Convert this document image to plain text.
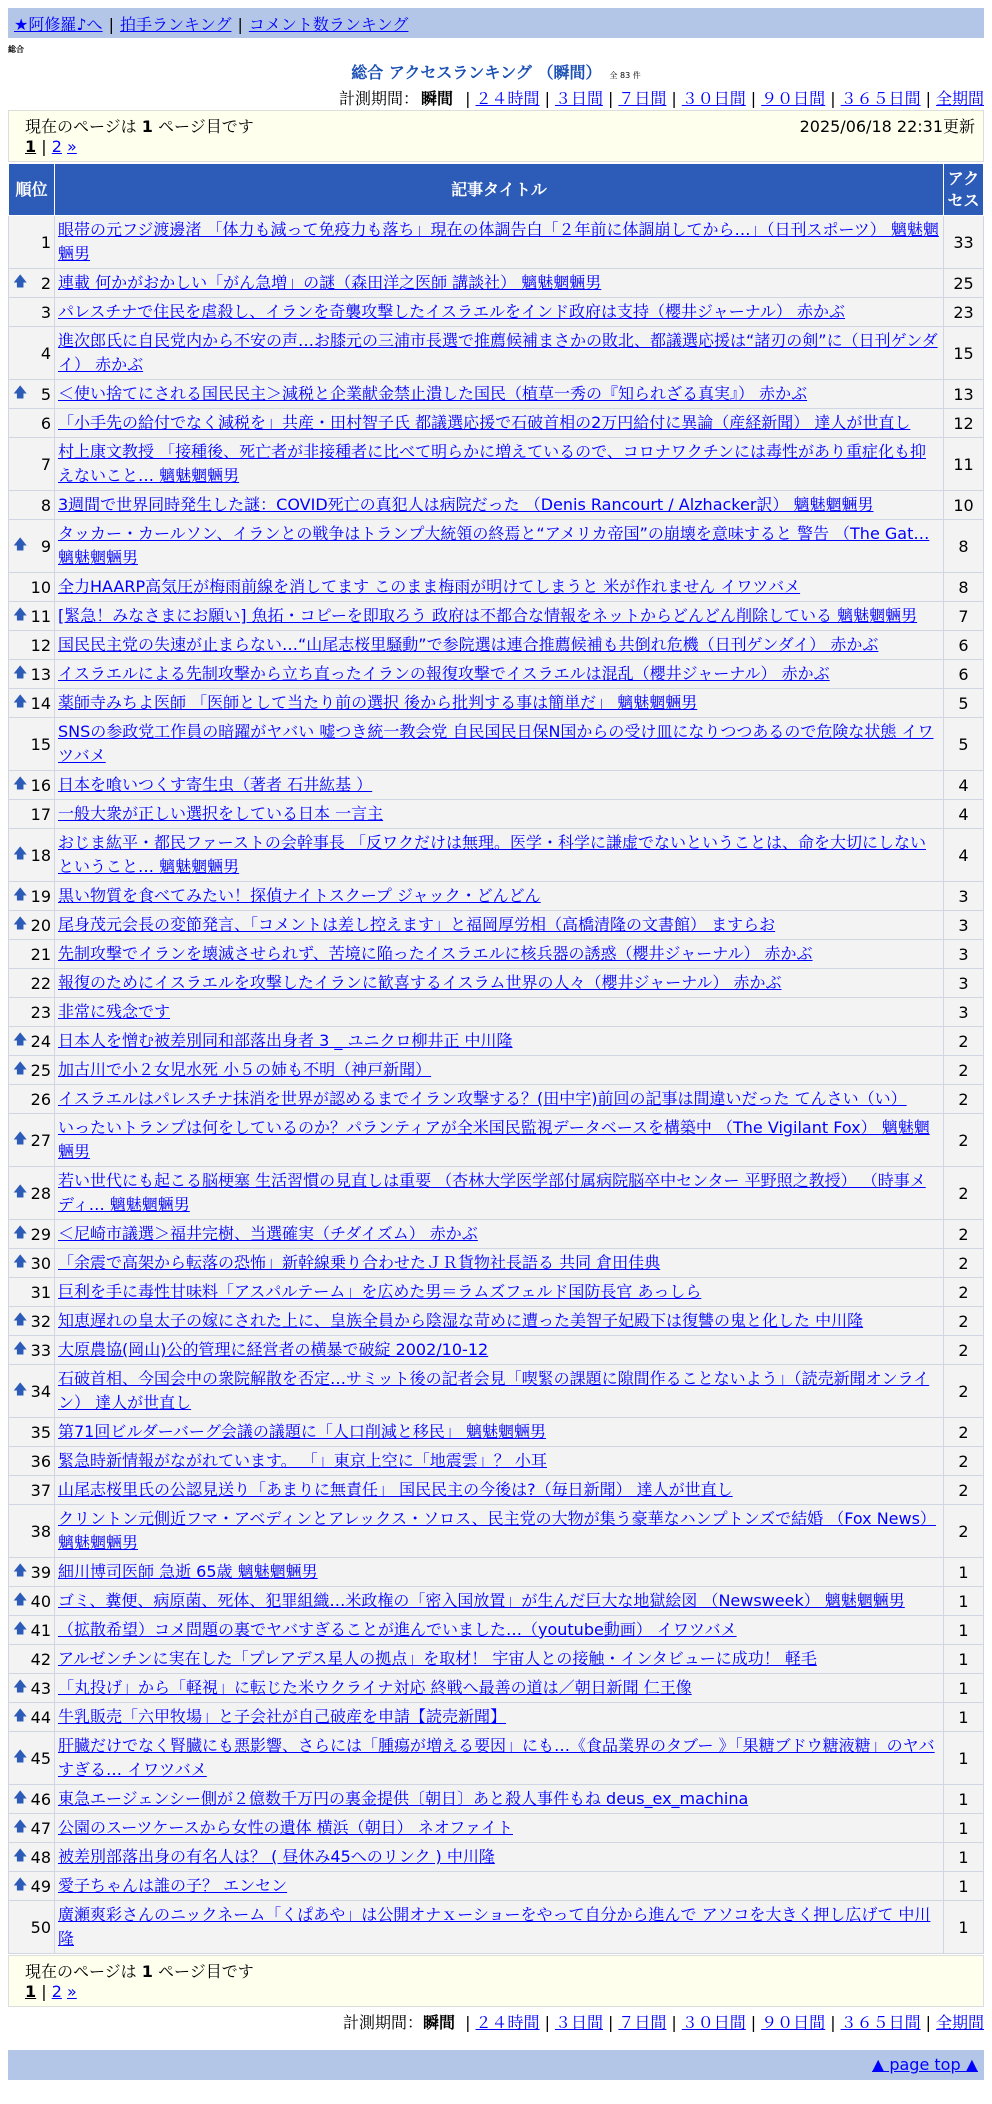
★阿修羅♪へ | 拍手ランキング | コメント数ランキング
総合
総合 アクセスランキング （瞬間） 全 83 件
計測期間： 瞬間 | ２４時間 | ３日間 | ７日間 | ３０日間 | ９０日間 | ３６５日間 | 全期間
現在のページは 1 ページ目です	2025/06/18 22:31更新
1 | 2 »
順位	記事タイトル	アクセス
1	眼帯の元フジ渡邊渚 「体力も減って免疫力も落ち」現在の体調告白「２年前に体調崩してから…」（日刊スポーツ） 魑魅魍魎男	33

🡅 2	連載 何かがおかしい「がん急増」の謎（森田洋之医師 講談社） 魑魅魍魎男	25
3	パレスチナで住民を虐殺し、イランを奇襲攻撃したイスラエルをインド政府は支持（櫻井ジャーナル） 赤かぶ	23
4	進次郎氏に自民党内から不安の声…お膝元の三浦市長選で推薦候補まさかの敗北、都議選応援は“諸刃の剣”に（日刊ゲンダイ） 赤かぶ	15

🡅 5	＜使い捨てにされる国民民主＞減税と企業献金禁止潰した国民（植草一秀の『知られざる真実』） 赤かぶ	13
6	「小手先の給付でなく減税を」共産・田村智子氏 都議選応援で石破首相の2万円給付に異論（産経新聞） 達人が世直し	12
7	村上康文教授 「接種後、死亡者が非接種者に比べて明らかに増えているので、コロナワクチンには毒性があり重症化も抑えないこと… 魑魅魍魎男	11
8	3週間で世界同時発生した謎：COVID死亡の真犯人は病院だった （Denis Rancourt / Alzhacker訳） 魑魅魍魎男	10

🡅 9	タッカー・カールソン、イランとの戦争はトランプ大統領の終焉と“アメリカ帝国”の崩壊を意味すると 警告 （The Gat… 魑魅魍魎男	8
10	全力HAARP高気圧が梅雨前線を消してます このまま梅雨が明けてしまうと 米が作れません イワツバメ	8

🡅 11	[緊急！みなさまにお願い] 魚拓・コピーを即取ろう 政府は不都合な情報をネットからどんどん削除している 魑魅魍魎男	7
12	国民民主党の失速が止まらない…“山尾志桜里騒動”で参院選は連合推薦候補も共倒れ危機（日刊ゲンダイ） 赤かぶ	6

🡅 13	イスラエルによる先制攻撃から立ち直ったイランの報復攻撃でイスラエルは混乱（櫻井ジャーナル） 赤かぶ	6

🡅 14	薬師寺みちよ医師 「医師として当たり前の選択 後から批判する事は簡単だ」 魑魅魍魎男	5
15	SNSの参政党工作員の暗躍がヤバい 嘘つき統一教会党 自民国民日保N国からの受け皿になりつつあるので危険な状態 イワツバメ	5

🡅 16	日本を喰いつくす寄生虫（著者 石井紘基 ）	4
17	一般大衆が正しい選択をしている日本 一言主	4

🡅 18	おじま紘平・都民ファーストの会幹事長 「反ワクだけは無理。医学・科学に謙虚でないということは、命を大切にしないということ… 魑魅魍魎男	4

🡅 19	黒い物質を食べてみたい！探偵ナイトスクープ ジャック・どんどん	3

🡅 20	尾身茂元会長の変節発言、「コメントは差し控えます」と福岡厚労相（高橋清隆の文書館） ますらお	3
21	先制攻撃でイランを壊滅させられず、苦境に陥ったイスラエルに核兵器の誘惑（櫻井ジャーナル） 赤かぶ	3
22	報復のためにイスラエルを攻撃したイランに歓喜するイスラム世界の人々（櫻井ジャーナル） 赤かぶ	3
23	非常に残念です	3

🡅 24	日本人を憎む被差別同和部落出身者 3 _ ユニクロ柳井正 中川隆	2

🡅 25	加古川で小２女児水死 小５の姉も不明（神戸新聞）	2
26	イスラエルはパレスチナ抹消を世界が認めるまでイラン攻撃する？(田中宇)前回の記事は間違いだった てんさい（い）	2

🡅 27	いったいトランプは何をしているのか？パランティアが全米国民監視データベースを構築中 （The Vigilant Fox） 魑魅魍魎男	2

🡅 28	若い世代にも起こる脳梗塞 生活習慣の見直しは重要 （杏林大学医学部付属病院脳卒中センター 平野照之教授） （時事メディ… 魑魅魍魎男	2

🡅 29	＜尼崎市議選＞福井完樹、当選確実（チダイズム） 赤かぶ	2

🡅 30	「余震で高架から転落の恐怖」新幹線乗り合わせたＪＲ貨物社長語る 共同 倉田佳典	2
31	巨利を手に毒性甘味料「アスパルテーム」を広めた男＝ラムズフェルド国防長官 あっしら	2

🡅 32	知恵遅れの皇太子の嫁にされた上に、皇族全員から陰湿な苛めに遭った美智子妃殿下は復讐の鬼と化した 中川隆	2

🡅 33	大原農協(岡山)公的管理に経営者の横暴で破綻 2002/10-12	2

🡅 34	石破首相、今国会中の衆院解散を否定…サミット後の記者会見「喫緊の課題に隙間作ることないよう」（読売新聞オンライン） 達人が世直し	2
35	第71回ビルダーバーグ会議の議題に「人口削減と移民」 魑魅魍魎男	2
36	緊急時新情報がながれています。 「」東京上空に「地震雲」？ 小耳	2
37	山尾志桜里氏の公認見送り「あまりに無責任」 国民民主の今後は?（毎日新聞） 達人が世直し	2
38	クリントン元側近フマ・アベディンとアレックス・ソロス、民主党の大物が集う豪華なハンプトンズで結婚 （Fox News） 魑魅魍魎男	2

🡅 39	細川博司医師 急逝 65歳 魑魅魍魎男	1

🡅 40	ゴミ、糞便、病原菌、死体、犯罪組織…米政権の「密入国放置」が生んだ巨大な地獄絵図 （Newsweek） 魑魅魍魎男	1

🡅 41	（拡散希望）コメ問題の裏でヤバすぎることが進んでいました…（youtube動画） イワツバメ	1
42	アルゼンチンに実在した「プレアデス星人の拠点」を取材！ 宇宙人との接触・インタビューに成功！ 軽毛	1

🡅 43	「丸投げ」から「軽視」に転じた米ウクライナ対応 終戦へ最善の道は／朝日新聞 仁王像	1

🡅 44	牛乳販売「六甲牧場」と子会社が自己破産を申請【読売新聞】	1

🡅 45	肝臓だけでなく腎臓にも悪影響、さらには「腫瘍が増える要因」にも…《食品業界のタブー 》「果糖ブドウ糖液糖」のヤバすぎる… イワツバメ	1

🡅 46	東急エージェンシー側が２億数千万円の裏金提供〔朝日〕あと殺人事件もね deus_ex_machina	1

🡅 47	公園のスーツケースから女性の遺体 横浜（朝日） ネオファイト	1

🡅 48	被差別部落出身の有名人は？ ( 昼休み45へのリンク ) 中川隆	1

🡅 49	愛子ちゃんは誰の子？ エンセン	1
50	廣瀬爽彩さんのニックネーム「くぱあや」は公開オナｘーショーをやって自分から進んで アソコを大きく押し広げて 中川隆	1
現在のページは 1 ページ目です
1 | 2 »
計測期間：瞬間 | ２４時間 | ３日間 | ７日間 | ３０日間 | ９０日間 | ３６５日間 | 全期間
▲ page top ▲
